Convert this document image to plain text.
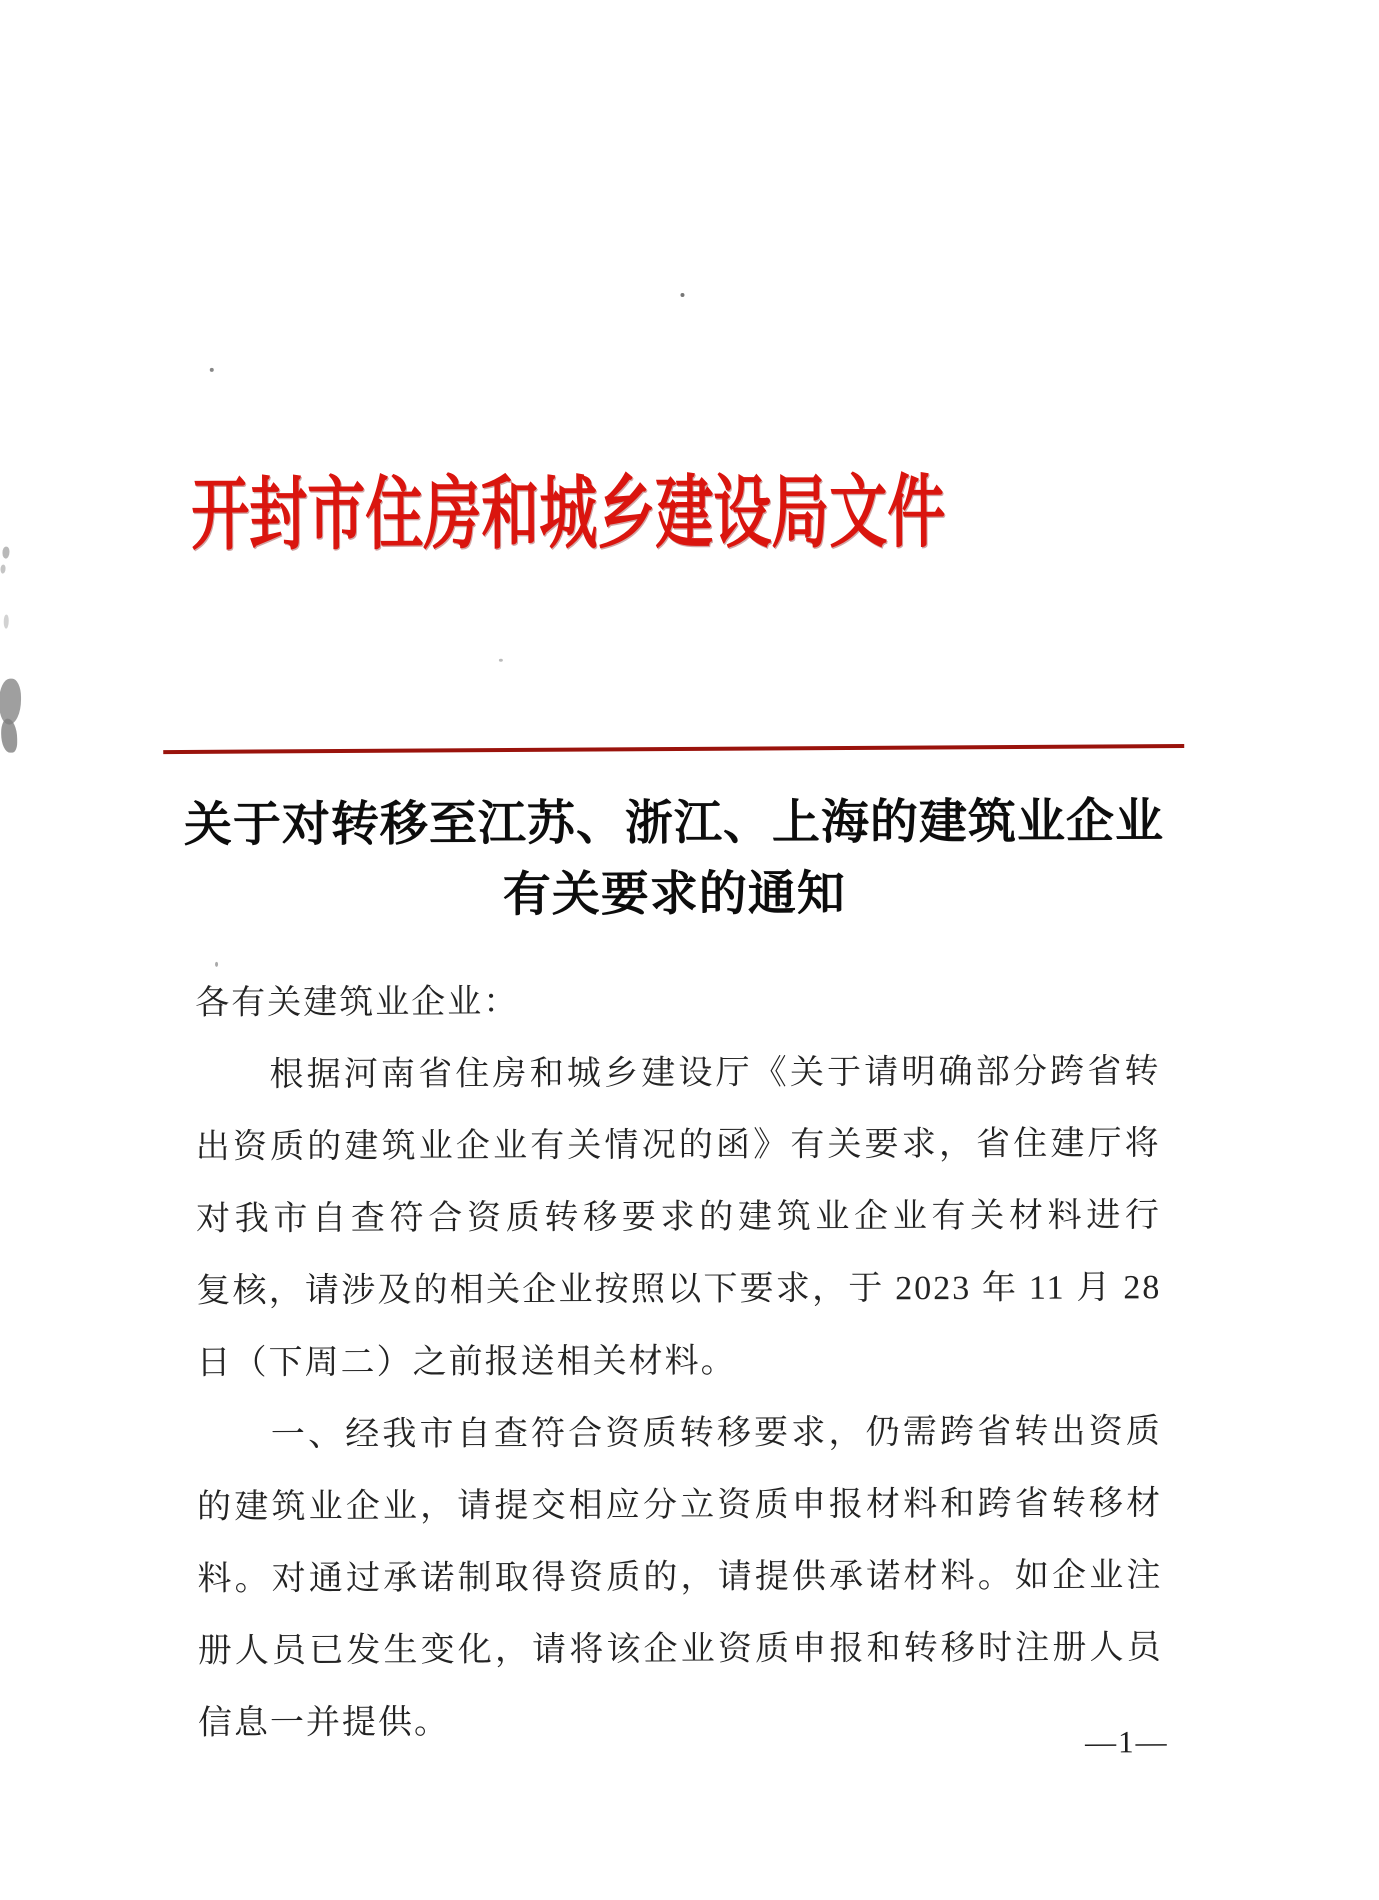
开封市住房和城乡建设局文件
关于对转移至江苏、浙江、上海的建筑业企业
有关要求的通知
各有关建筑业企业：
根据河南省住房和城乡建设厅《关于请明确部分跨省转
出资质的建筑业企业有关情况的函》有关要求，省住建厅将
对我市自查符合资质转移要求的建筑业企业有关材料进行
复核，请涉及的相关企业按照以下要求，于 2023 年 11 月 28
日（下周二）之前报送相关材料。
一、经我市自查符合资质转移要求，仍需跨省转出资质
的建筑业企业，请提交相应分立资质申报材料和跨省转移材
料。对通过承诺制取得资质的，请提供承诺材料。如企业注
册人员已发生变化，请将该企业资质申报和转移时注册人员
信息一并提供。	—1—
